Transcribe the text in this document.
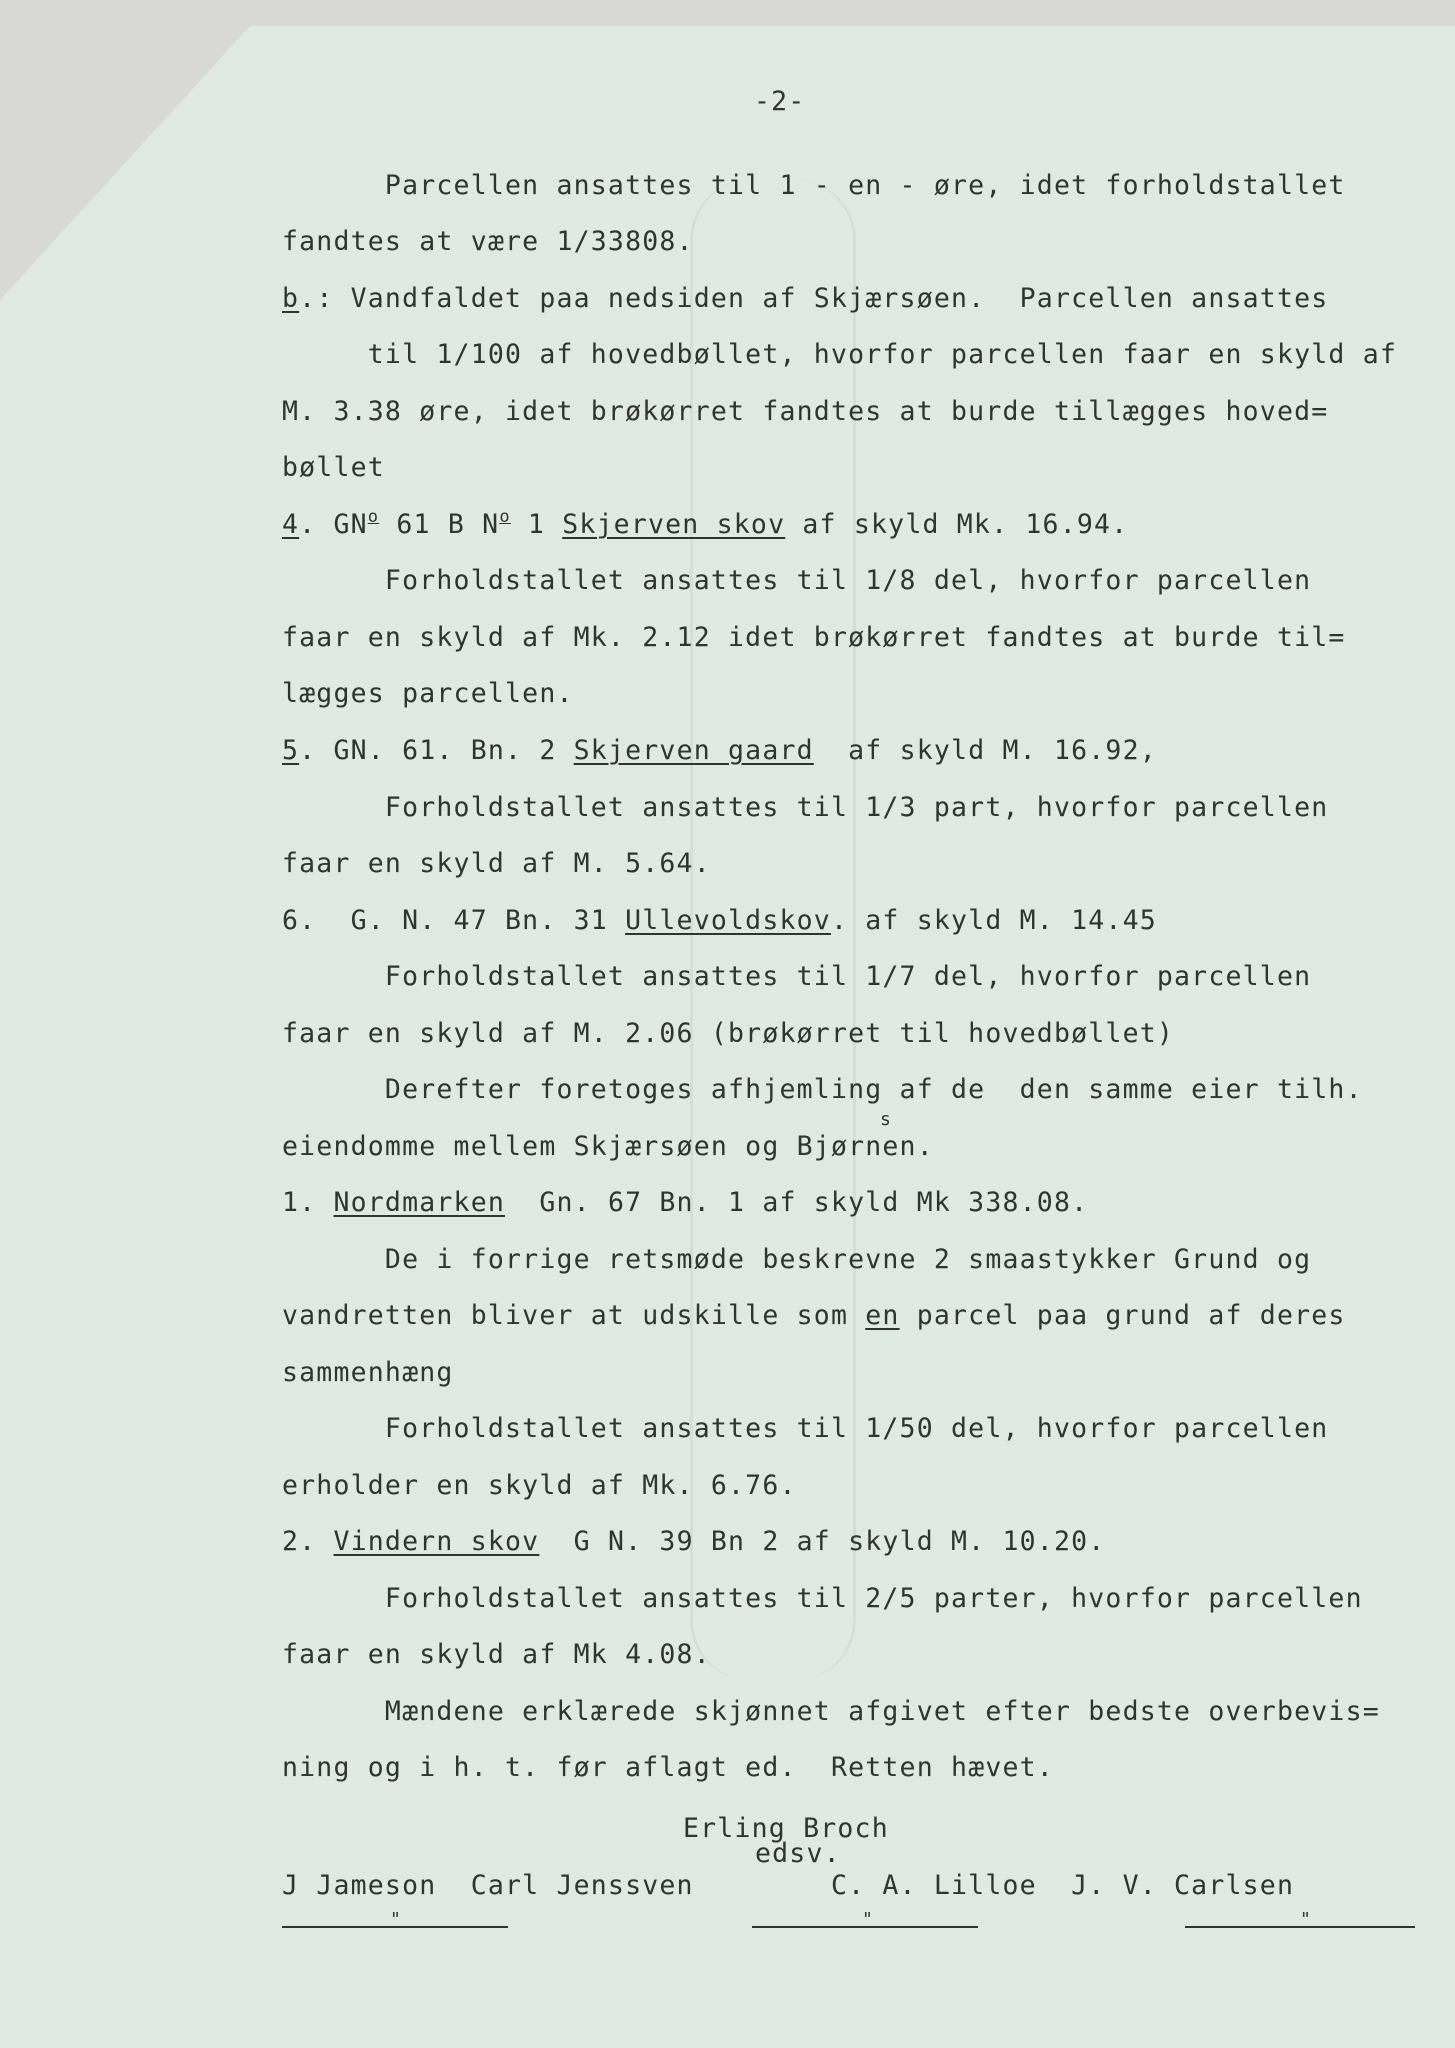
-2-
Parcellen ansattes til 1 - en - øre, idet forholdstallet
fandtes at være 1/33808.
b.: Vandfaldet paa nedsiden af Skjærsøen.  Parcellen ansattes
til 1/100 af hovedbøllet, hvorfor parcellen faar en skyld af
M. 3.38 øre, idet brøkørret fandtes at burde tillægges hoved=
bøllet
4. $GN^o$ 61 B $N^o$ 1 Skjerven skov af skyld Mk. 16.94.
Forholdstallet ansattes til 1/8 del, hvorfor parcellen
faar en skyld af Mk. 2.12 idet brøkørret fandtes at burde til=
lægges parcellen.
5. GN. 61. Bn. 2 Skjerven gaard  af skyld M. 16.92,
Forholdstallet ansattes til 1/3 part, hvorfor parcellen
faar en skyld af M. 5.64.
6.  G. N. 47 Bn. 31 Ullevoldskov. af skyld M. 14.45
Forholdstallet ansattes til 1/7 del, hvorfor parcellen
faar en skyld af M. 2.06 (brøkørret til hovedbøllet)
Derefter foretoges afhjemling af de  den samme eier tilh.
eiendomme mellem Skjærsøen og Bjørnen.
s
1. Nordmarken  Gn. 67 Bn. 1 af skyld Mk 338.08.
De i forrige retsmøde beskrevne 2 smaastykker Grund og
vandretten bliver at udskille som en parcel paa grund af deres
sammenhæng
Forholdstallet ansattes til 1/50 del, hvorfor parcellen
erholder en skyld af Mk. 6.76.
2. Vindern skov  G N. 39 Bn 2 af skyld M. 10.20.
Forholdstallet ansattes til 2/5 parter, hvorfor parcellen
faar en skyld af Mk 4.08.
Mændene erklærede skjønnet afgivet efter bedste overbevis=
ning og i h. t. før aflagt ed.  Retten hævet.
Erling Broch
edsv.
J Jameson  Carl Jenssven        C. A. Lilloe  J. V. Carlsen
"	"	"
